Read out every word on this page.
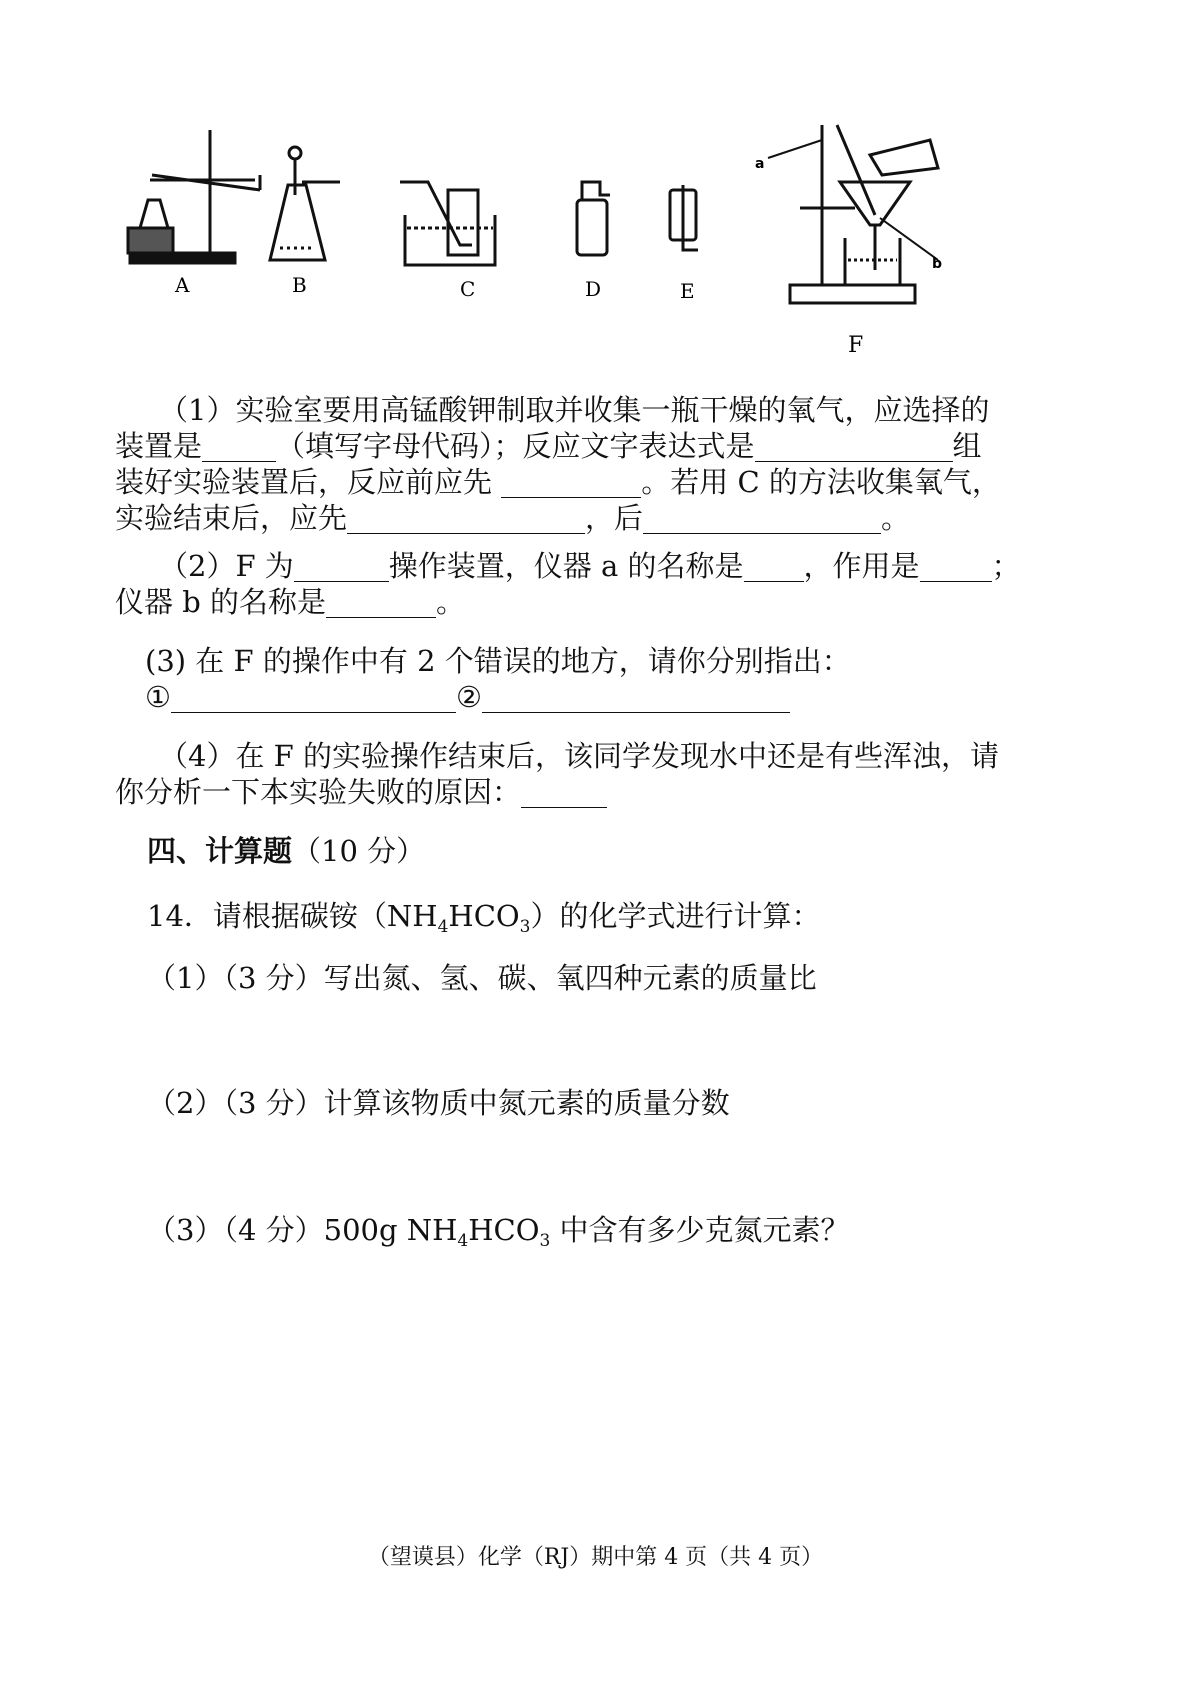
A	B	C	D	E
F
a
b
（1）实验室要用高锰酸钾制取并收集一瓶干燥的氧气，应选择的
装置是	（填写字母代码）；反应文字表达式是	组
装好实验装置后，反应前应先	。若用 C 的方法收集氧气，
实验结束后，应先	，后	。
（2）F 为	操作装置，仪器 a 的名称是 ，作用是 ；
仪器 b 的名称是	。
(3) 在 F 的操作中有 2 个错误的地方，请你分别指出：
①	②
（4）在 F 的实验操作结束后，该同学发现水中还是有些浑浊，请
你分析一下本实验失败的原因：
四、计算题（10 分）
14．请根据碳铵$(NH_4HCO_3)$的化学式进行计算：
（1）（3 分）写出氮、氢、碳、氧四种元素的质量比
（2）（3 分）计算该物质中氮元素的质量分数
（3）（4 分）500g $NH_4HCO_3$ 中含有多少克氮元素？
（望谟县）化学（RJ）期中第 4 页（共 4 页）
